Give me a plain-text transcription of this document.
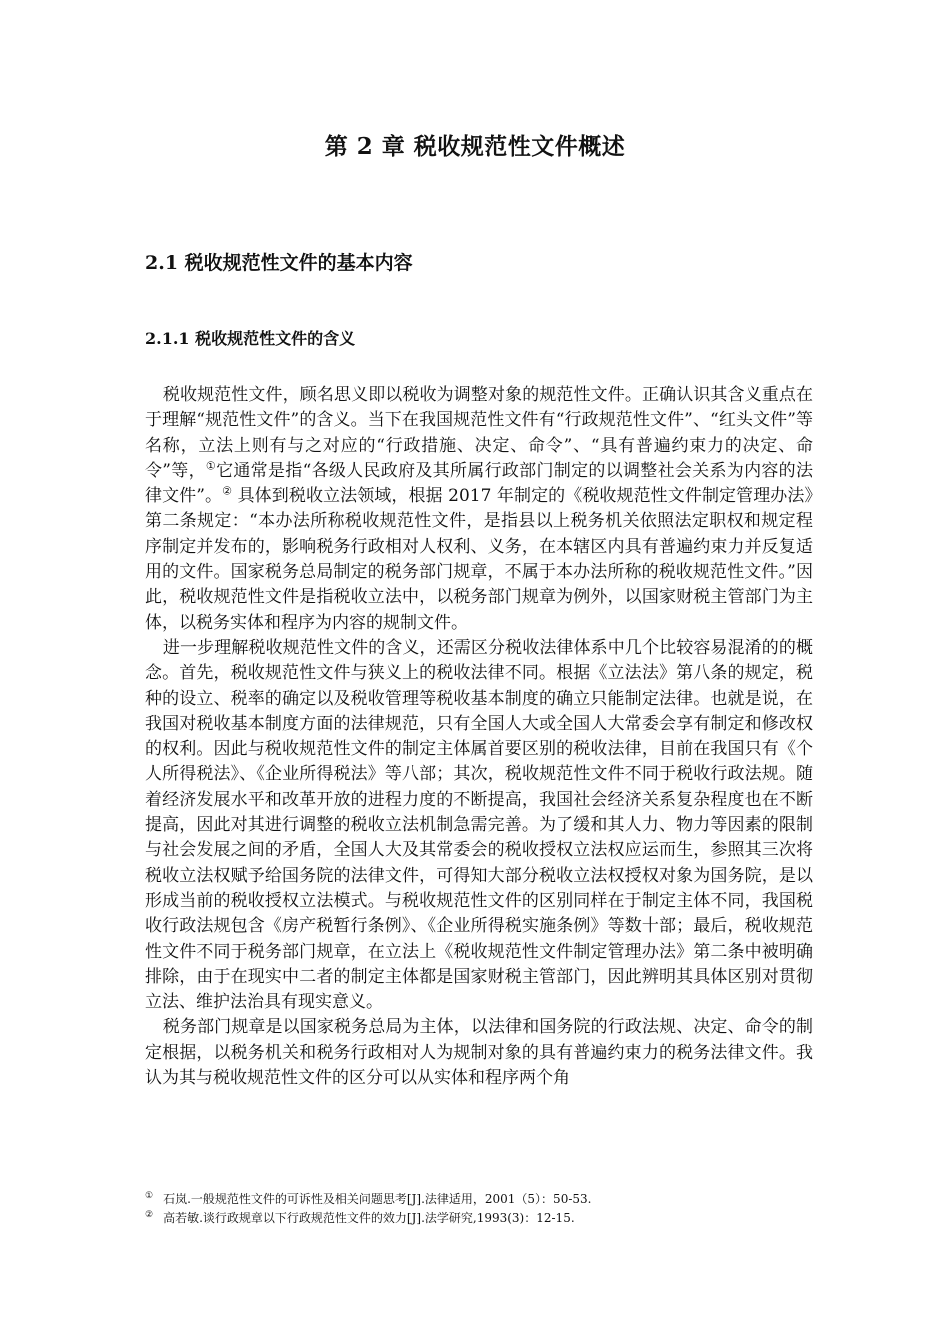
第 2 章 税收规范性文件概述
2.1 税收规范性文件的基本内容
2.1.1 税收规范性文件的含义

税收规范性文件，顾名思义即以税收为调整对象的规范性文件。正确认识其含义重点在于理解“规范性文件”的含义。当下在我国规范性文件有“行政规范性文件”、“红头文件”等名称，立法上则有与之对应的“行政措施、决定、命令”、“具有普遍约束力的决定、命令”等，①它通常是指“各级人民政府及其所属行政部门制定的以调整社会关系为内容的法律文件”。② 具体到税收立法领域，根据 2017 年制定的《税收规范性文件制定管理办法》第二条规定：“本办法所称税收规范性文件，是指县以上税务机关依照法定职权和规定程序制定并发布的，影响税务行政相对人权利、义务，在本辖区内具有普遍约束力并反复适用的文件。国家税务总局制定的税务部门规章，不属于本办法所称的税收规范性文件。”因此，税收规范性文件是指税收立法中，以税务部门规章为例外，以国家财税主管部门为主体，以税务实体和程序为内容的规制文件。

进一步理解税收规范性文件的含义，还需区分税收法律体系中几个比较容易混淆的的概念。首先，税收规范性文件与狭义上的税收法律不同。根据《立法法》第八条的规定，税种的设立、税率的确定以及税收管理等税收基本制度的确立只能制定法律。也就是说，在我国对税收基本制度方面的法律规范，只有全国人大或全国人大常委会享有制定和修改权的权利。因此与税收规范性文件的制定主体属首要区别的税收法律，目前在我国只有《个人所得税法》、《企业所得税法》等八部；其次，税收规范性文件不同于税收行政法规。随着经济发展水平和改革开放的进程力度的不断提高，我国社会经济关系复杂程度也在不断提高，因此对其进行调整的税收立法机制急需完善。为了缓和其人力、物力等因素的限制与社会发展之间的矛盾，全国人大及其常委会的税收授权立法权应运而生，参照其三次将税收立法权赋予给国务院的法律文件，可得知大部分税收立法权授权对象为国务院，是以形成当前的税收授权立法模式。与税收规范性文件的区别同样在于制定主体不同，我国税收行政法规包含《房产税暂行条例》、《企业所得税实施条例》等数十部；最后，税收规范性文件不同于税务部门规章，在立法上《税收规范性文件制定管理办法》第二条中被明确排除，由于在现实中二者的制定主体都是国家财税主管部门，因此辨明其具体区别对贯彻立法、维护法治具有现实意义。

税务部门规章是以国家税务总局为主体，以法律和国务院的行政法规、决定、命令的制定根据，以税务机关和税务行政相对人为规制对象的具有普遍约束力的税务法律文件。我认为其与税收规范性文件的区分可以从实体和程序两个角

① 石岚.一般规范性文件的可诉性及相关问题思考[J].法律适用，2001（5）：50-53.

② 高若敏.谈行政规章以下行政规范性文件的效力[J].法学研究,1993(3)：12-15.
